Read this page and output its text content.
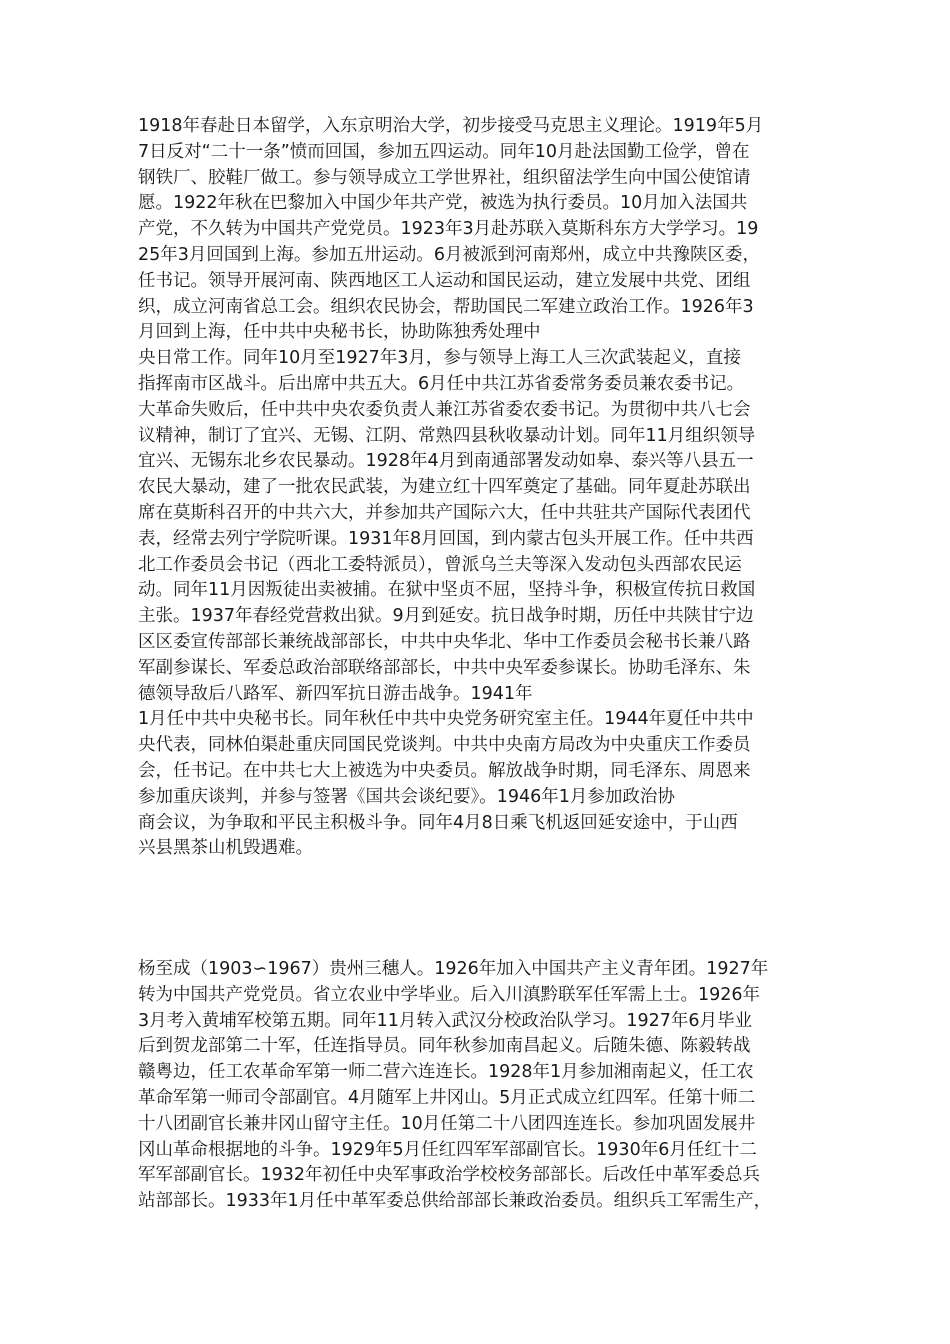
1918年春赴日本留学，入东京明治大学，初步接受马克思主义理论。1919年5月
7日反对“二十一条”愤而回国，参加五四运动。同年10月赴法国勤工俭学，曾在
钢铁厂、胶鞋厂做工。参与领导成立工学世界社，组织留法学生向中国公使馆请
愿。1922年秋在巴黎加入中国少年共产党，被选为执行委员。10月加入法国共
产党，不久转为中国共产党党员。1923年3月赴苏联入莫斯科东方大学学习。19
25年3月回国到上海。参加五卅运动。6月被派到河南郑州，成立中共豫陕区委，
任书记。领导开展河南、陕西地区工人运动和国民运动，建立发展中共党、团组
织，成立河南省总工会。组织农民协会，帮助国民二军建立政治工作。1926年3
月回到上海，任中共中央秘书长，协助陈独秀处理中
央日常工作。同年10月至1927年3月，参与领导上海工人三次武装起义，直接
指挥南市区战斗。后出席中共五大。6月任中共江苏省委常务委员兼农委书记。
大革命失败后，任中共中央农委负责人兼江苏省委农委书记。为贯彻中共八七会
议精神，制订了宜兴、无锡、江阴、常熟四县秋收暴动计划。同年11月组织领导
宜兴、无锡东北乡农民暴动。1928年4月到南通部署发动如皋、泰兴等八县五一
农民大暴动，建了一批农民武装，为建立红十四军奠定了基础。同年夏赴苏联出
席在莫斯科召开的中共六大，并参加共产国际六大，任中共驻共产国际代表团代
表，经常去列宁学院听课。1931年8月回国，到内蒙古包头开展工作。任中共西
北工作委员会书记（西北工委特派员），曾派乌兰夫等深入发动包头西部农民运
动。同年11月因叛徒出卖被捕。在狱中坚贞不屈，坚持斗争，积极宣传抗日救国
主张。1937年春经党营救出狱。9月到延安。抗日战争时期，历任中共陕甘宁边
区区委宣传部部长兼统战部部长，中共中央华北、华中工作委员会秘书长兼八路
军副参谋长、军委总政治部联络部部长，中共中央军委参谋长。协助毛泽东、朱
德领导敌后八路军、新四军抗日游击战争。1941年
1月任中共中央秘书长。同年秋任中共中央党务研究室主任。1944年夏任中共中
央代表，同林伯渠赴重庆同国民党谈判。中共中央南方局改为中央重庆工作委员
会，任书记。在中共七大上被选为中央委员。解放战争时期，同毛泽东、周恩来
参加重庆谈判，并参与签署《国共会谈纪要》。1946年1月参加政治协
商会议，为争取和平民主积极斗争。同年4月8日乘飞机返回延安途中，于山西
兴县黑茶山机毁遇难。
杨至成（1903∽1967）贵州三穗人。1926年加入中国共产主义青年团。1927年
转为中国共产党党员。省立农业中学毕业。后入川滇黔联军任军需上士。1926年
3月考入黄埔军校第五期。同年11月转入武汉分校政治队学习。1927年6月毕业
后到贺龙部第二十军，任连指导员。同年秋参加南昌起义。后随朱德、陈毅转战
赣粤边，任工农革命军第一师二营六连连长。1928年1月参加湘南起义，任工农
革命军第一师司令部副官。4月随军上井冈山。5月正式成立红四军。任第十师二
十八团副官长兼井冈山留守主任。10月任第二十八团四连连长。参加巩固发展井
冈山革命根据地的斗争。1929年5月任红四军军部副官长。1930年6月任红十二
军军部副官长。1932年初任中央军事政治学校校务部部长。后改任中革军委总兵
站部部长。1933年1月任中革军委总供给部部长兼政治委员。组织兵工军需生产，
